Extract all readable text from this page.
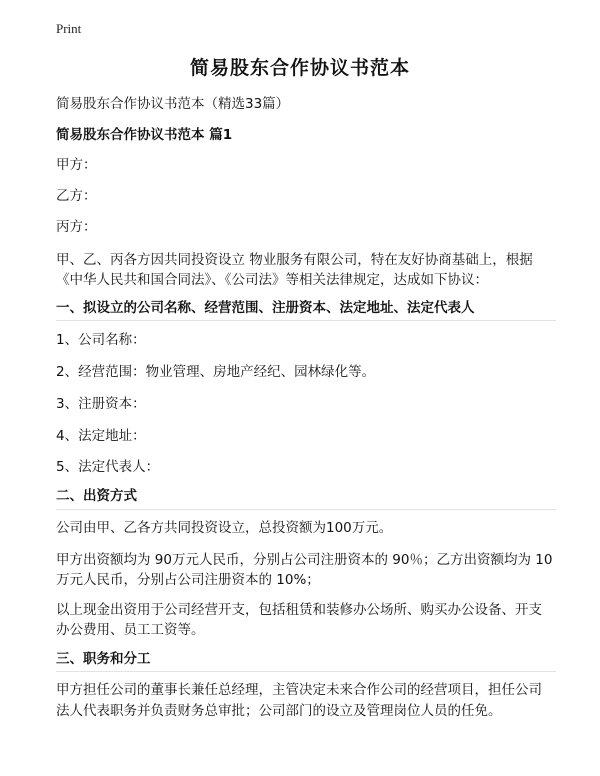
Print
简易股东合作协议书范本
简易股东合作协议书范本（精选33篇）
简易股东合作协议书范本 篇1
甲方：
乙方：
丙方：
甲、乙、丙各方因共同投资设立 物业服务有限公司，特在友好协商基础上，根据
《中华人民共和国合同法》、《公司法》等相关法律规定，达成如下协议：
一、拟设立的公司名称、经营范围、注册资本、法定地址、法定代表人
1、公司名称：
2、经营范围：物业管理、房地产经纪、园林绿化等。
3、注册资本：
4、法定地址：
5、法定代表人：
二、出资方式
公司由甲、乙各方共同投资设立，总投资额为100万元。
甲方出资额均为 90万元人民币，分别占公司注册资本的 90％；乙方出资额均为 10
万元人民币，分别占公司注册资本的 10%；
以上现金出资用于公司经营开支，包括租赁和装修办公场所、购买办公设备、开支
办公费用、员工工资等。
三、职务和分工
甲方担任公司的董事长兼任总经理，主管决定未来合作公司的经营项目，担任公司
法人代表职务并负责财务总审批；公司部门的设立及管理岗位人员的任免。
